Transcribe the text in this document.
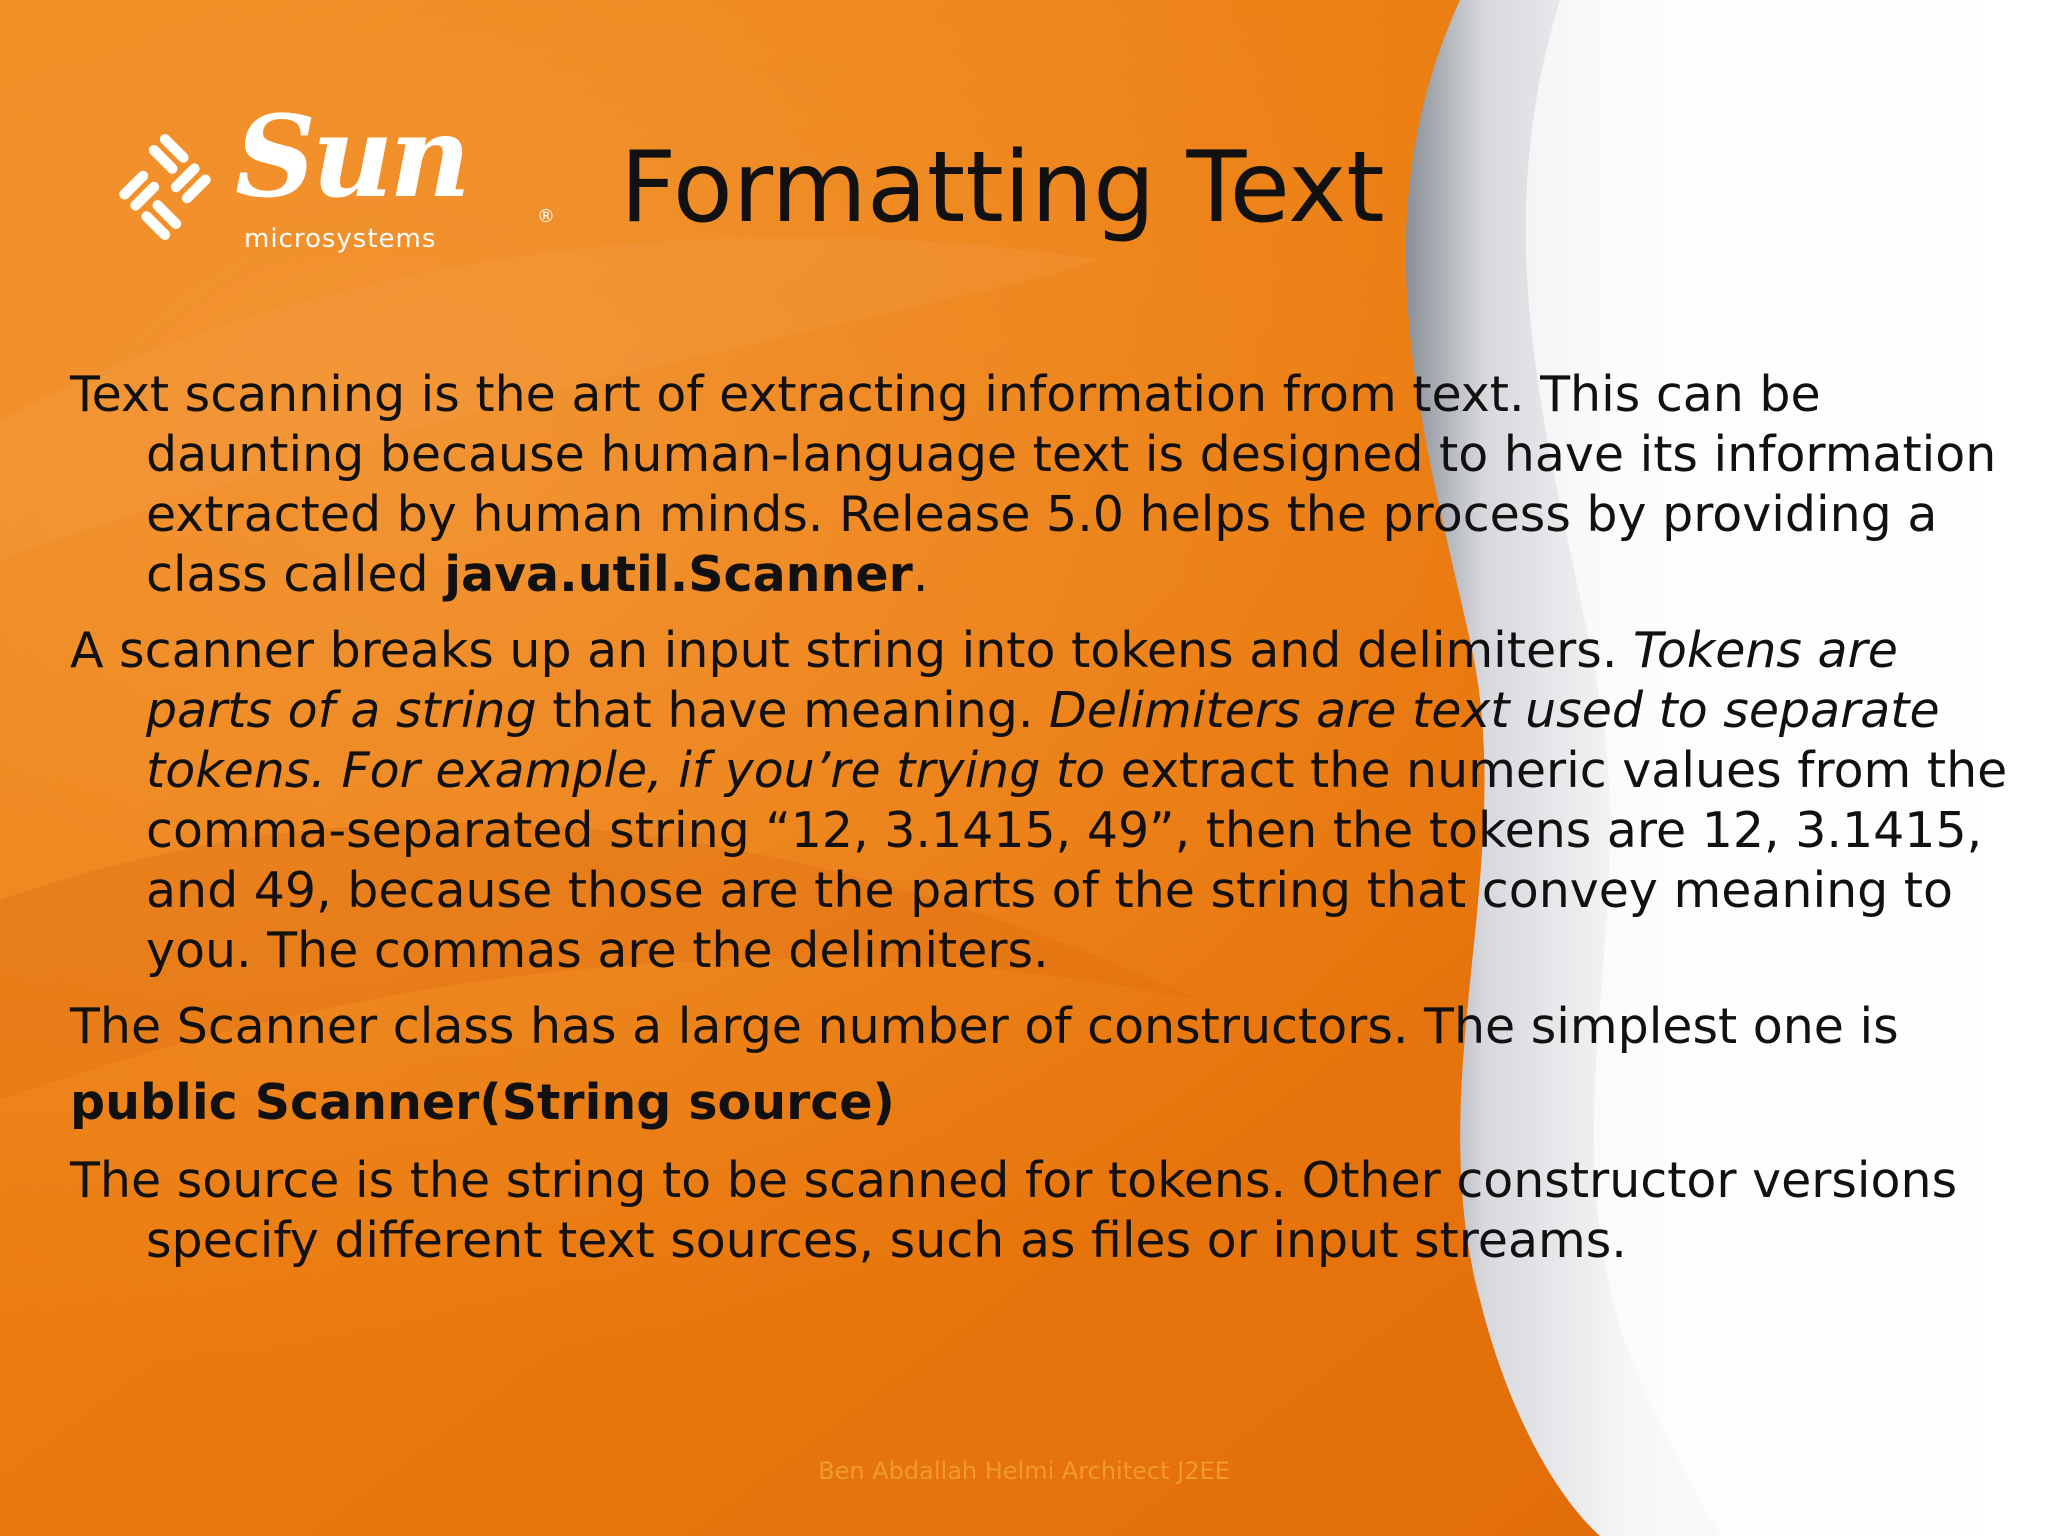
Sun	®
microsystems Formatting Text

Text scanning is the art of extracting information from text. This can be daunting because human-language text is designed to have its information extracted by human minds. Release 5.0 helps the process by providing a class called java.util.Scanner.

A scanner breaks up an input string into tokens and delimiters. Tokens are parts of a string that have meaning. Delimiters are text used to separate tokens. For example, if you’re trying to extract the numeric values from the comma-separated string “12, 3.1415, 49”, then the tokens are 12, 3.1415, and 49, because those are the parts of the string that convey meaning to you. The commas are the delimiters.

The Scanner class has a large number of constructors. The simplest one is

public Scanner(String source)

The source is the string to be scanned for tokens. Other constructor versions specify different text sources, such as files or input streams.

Ben Abdallah Helmi Architect J2EE
